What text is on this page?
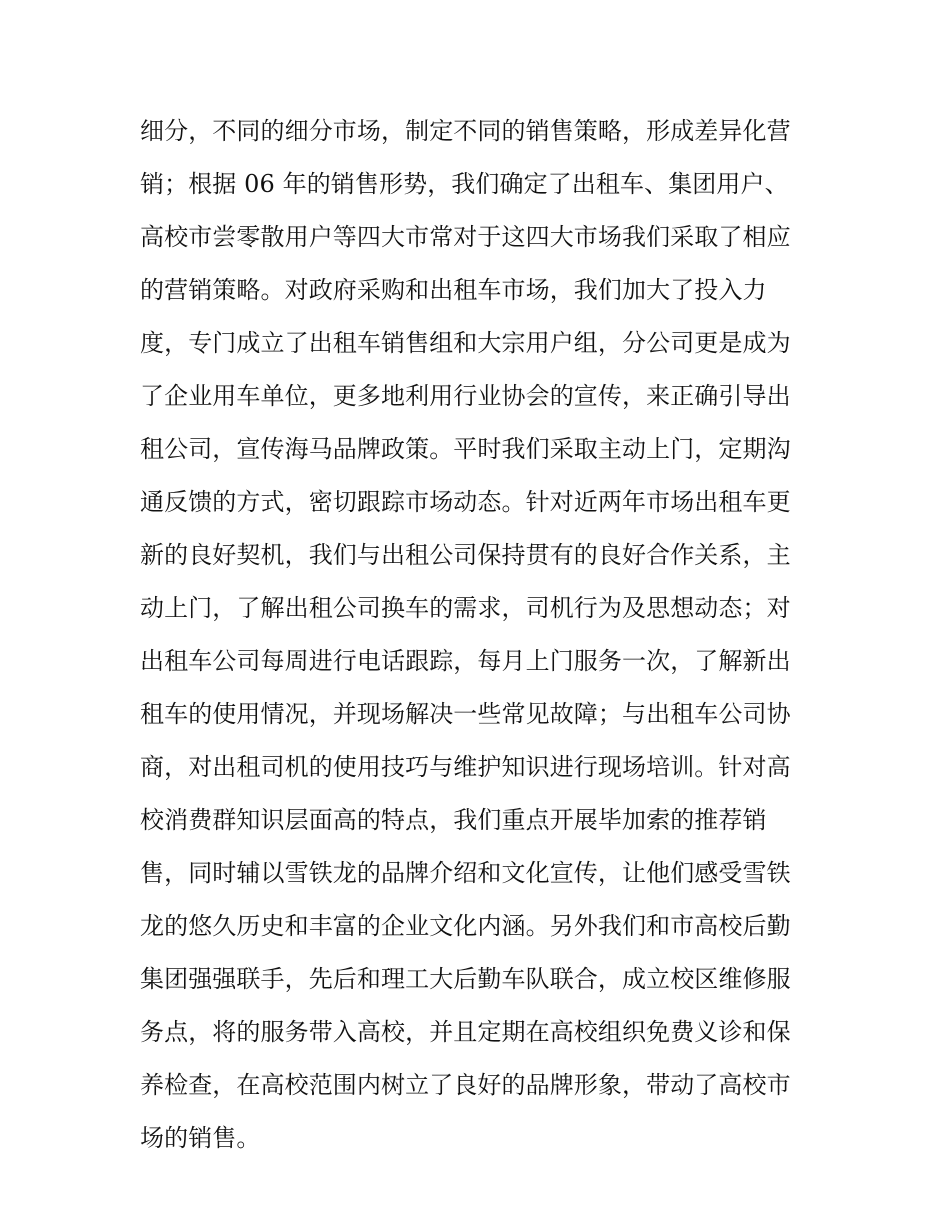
细分，不同的细分市场，制定不同的销售策略，形成差异化营
销；根据 06 年的销售形势，我们确定了出租车、集团用户、
高校市尝零散用户等四大市常对于这四大市场我们采取了相应
的营销策略。对政府采购和出租车市场，我们加大了投入力
度，专门成立了出租车销售组和大宗用户组，分公司更是成为
了企业用车单位，更多地利用行业协会的宣传，来正确引导出
租公司，宣传海马品牌政策。平时我们采取主动上门，定期沟
通反馈的方式，密切跟踪市场动态。针对近两年市场出租车更
新的良好契机，我们与出租公司保持贯有的良好合作关系，主
动上门，了解出租公司换车的需求，司机行为及思想动态；对
出租车公司每周进行电话跟踪，每月上门服务一次，了解新出
租车的使用情况，并现场解决一些常见故障；与出租车公司协
商，对出租司机的使用技巧与维护知识进行现场培训。针对高
校消费群知识层面高的特点，我们重点开展毕加索的推荐销
售，同时辅以雪铁龙的品牌介绍和文化宣传，让他们感受雪铁
龙的悠久历史和丰富的企业文化内涵。另外我们和市高校后勤
集团强强联手，先后和理工大后勤车队联合，成立校区维修服
务点，将的服务带入高校，并且定期在高校组织免费义诊和保
养检查，在高校范围内树立了良好的品牌形象，带动了高校市
场的销售。
